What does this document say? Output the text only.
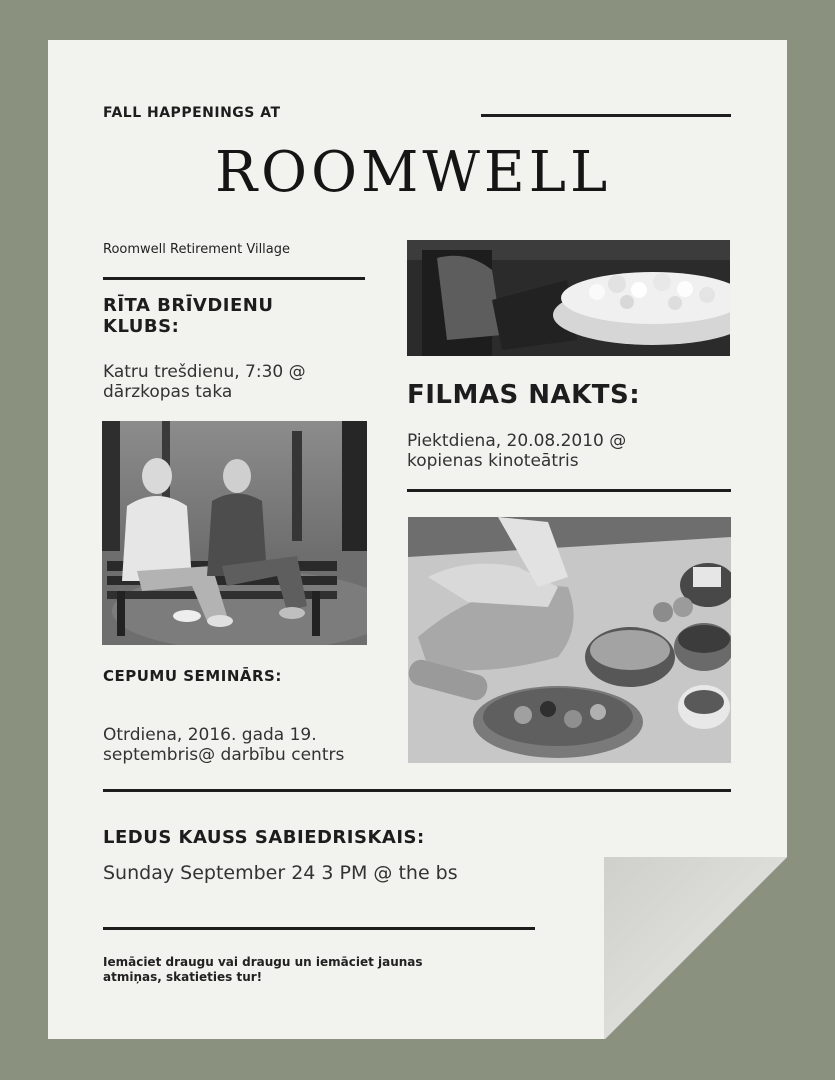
FALL HAPPENINGS AT

ROOMWELL

Roomwell Retirement Village

RĪTA BRĪVDIENU

KLUBS:

Katru trešdienu, 7:30 @

dārzkopas taka

CEPUMU SEMINĀRS:

Otrdiena, 2016. gada 19.

septembris@ darbību centrs

FILMAS NAKTS:

Piektdiena, 20.08.2010 @

kopienas kinoteātris

LEDUS KAUSS SABIEDRISKAIS:

Sunday September 24 3 PM @ the bs

Iemāciet draugu vai draugu un iemāciet jaunas

atmiņas, skatieties tur!
